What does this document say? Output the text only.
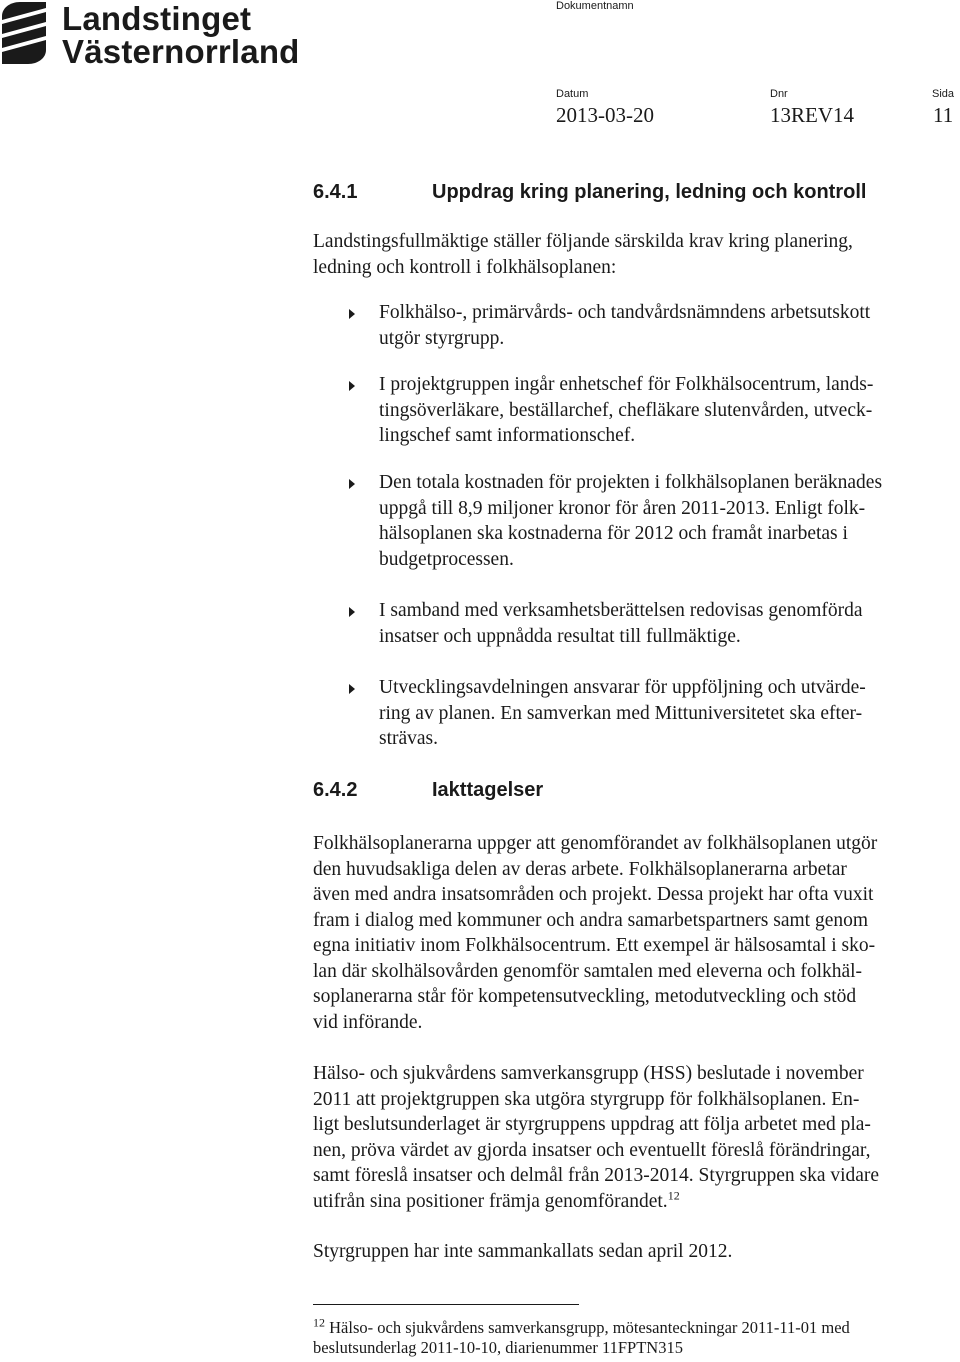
Landstinget
Västernorrland
Dokumentnamn
Datum
2013-03-20
Dnr
13REV14
Sida
11
6.4.1	Uppdrag kring planering, ledning och kontroll
Landstingsfullmäktige ställer följande särskilda krav kring planering,
ledning och kontroll i folkhälsoplanen:
Folkhälso-, primärvårds- och tandvårdsnämndens arbetsutskott
utgör styrgrupp.
I projektgruppen ingår enhetschef för Folkhälsocentrum, lands-
tingsöverläkare, beställarchef, chefläkare slutenvården, utveck-
lingschef samt informationschef.
Den totala kostnaden för projekten i folkhälsoplanen beräknades
uppgå till 8,9 miljoner kronor för åren 2011-2013. Enligt folk-
hälsoplanen ska kostnaderna för 2012 och framåt inarbetas i
budgetprocessen.
I samband med verksamhetsberättelsen redovisas genomförda
insatser och uppnådda resultat till fullmäktige.
Utvecklingsavdelningen ansvarar för uppföljning och utvärde-
ring av planen. En samverkan med Mittuniversitetet ska efter-
strävas.
6.4.2	Iakttagelser
Folkhälsoplanerarna uppger att genomförandet av folkhälsoplanen utgör
den huvudsakliga delen av deras arbete. Folkhälsoplanerarna arbetar
även med andra insatsområden och projekt. Dessa projekt har ofta vuxit
fram i dialog med kommuner och andra samarbetspartners samt genom
egna initiativ inom Folkhälsocentrum. Ett exempel är hälsosamtal i sko-
lan där skolhälsovården genomför samtalen med eleverna och folkhäl-
soplanerarna står för kompetensutveckling, metodutveckling och stöd
vid införande.
Hälso- och sjukvårdens samverkansgrupp (HSS) beslutade i november
2011 att projektgruppen ska utgöra styrgrupp för folkhälsoplanen. En-
ligt beslutsunderlaget är styrgruppens uppdrag att följa arbetet med pla-
nen, pröva värdet av gjorda insatser och eventuellt föreslå förändringar,
samt föreslå insatser och delmål från 2013-2014. Styrgruppen ska vidare
utifrån sina positioner främja genomförandet.$^{12}$
Styrgruppen har inte sammankallats sedan april 2012.
$^{12}$ Hälso- och sjukvårdens samverkansgrupp, mötesanteckningar 2011-11-01 med
beslutsunderlag 2011-10-10, diarienummer 11FPTN315
